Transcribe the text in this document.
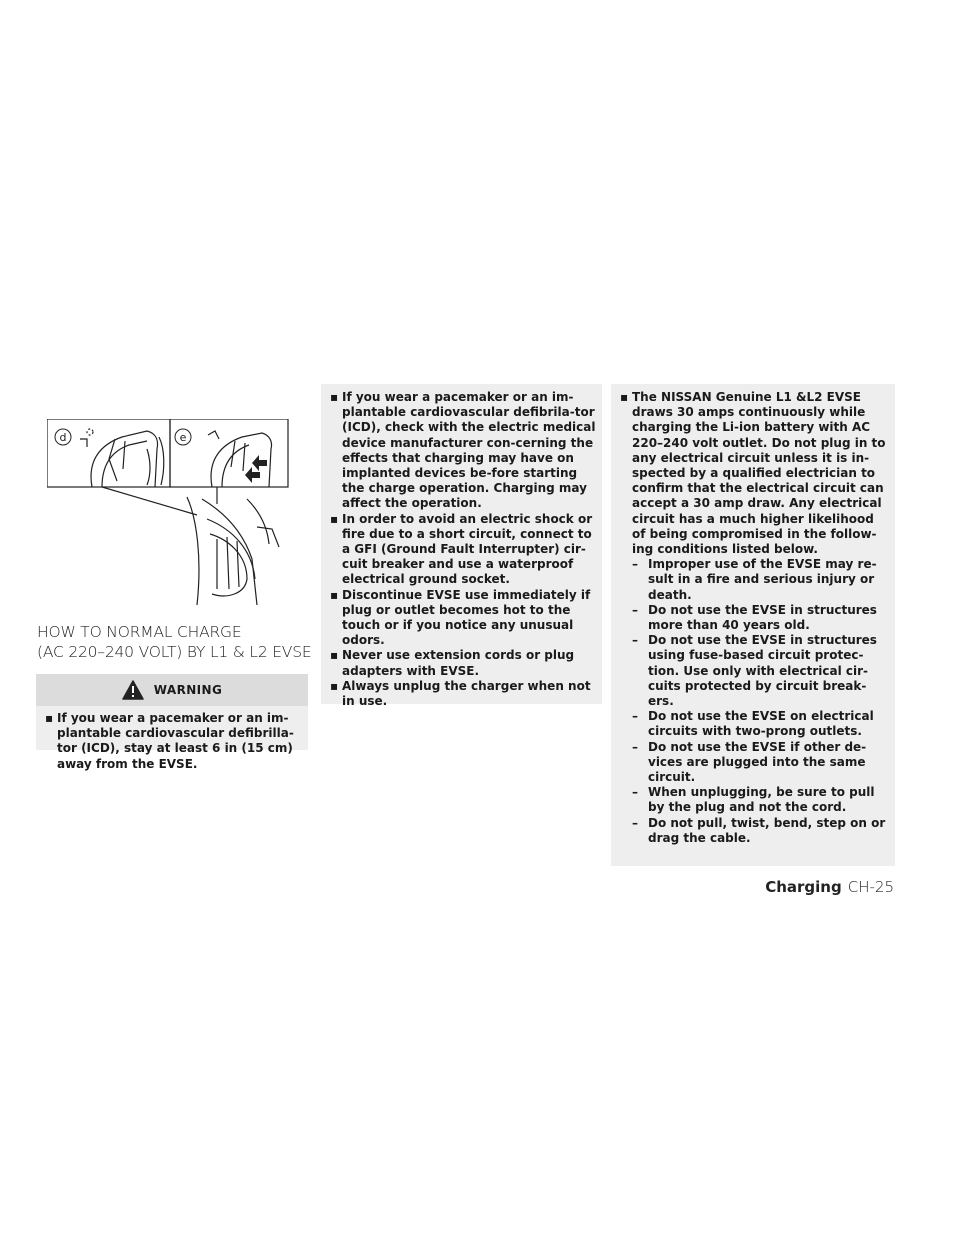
d	e
HOW TO NORMAL CHARGE
(AC 220–240 VOLT) BY L1 & L2 EVSE
WARNING
▪ If you wear a pacemaker or an im-plantable cardiovascular defibrilla-tor (ICD), stay at least 6 in (15 cm) away from the EVSE.

▪ If you wear a pacemaker or an im-plantable cardiovascular defibrila-tor (ICD), check with the electric medical device manufacturer con-cerning the effects that charging may have on implanted devices be-fore starting the charge operation. Charging may affect the operation.

▪ In order to avoid an electric shock or fire due to a short circuit, connect to a GFI (Ground Fault Interrupter) cir-cuit breaker and use a waterproof electrical ground socket.

▪ Discontinue EVSE use immediately if plug or outlet becomes hot to the touch or if you notice any unusual odors.

▪ Never use extension cords or plug adapters with EVSE.

▪ Always unplug the charger when not in use.

▪ The NISSAN Genuine L1 &L2 EVSE draws 30 amps continuously while charging the Li-ion battery with AC 220–240 volt outlet. Do not plug in to any electrical circuit unless it is in-spected by a qualified electrician to confirm that the electrical circuit can accept a 30 amp draw. Any electrical circuit has a much higher likelihood of being compromised in the follow-ing conditions listed below.

– Improper use of the EVSE may re-sult in a fire and serious injury or death.

– Do not use the EVSE in structures more than 40 years old.

– Do not use the EVSE in structures using fuse-based circuit protec-tion. Use only with electrical cir-cuits protected by circuit break-ers.

– Do not use the EVSE on electrical circuits with two-prong outlets.

– Do not use the EVSE if other de-vices are plugged into the same circuit.

– When unplugging, be sure to pull by the plug and not the cord.

– Do not pull, twist, bend, step on or drag the cable.

Charging CH-25
